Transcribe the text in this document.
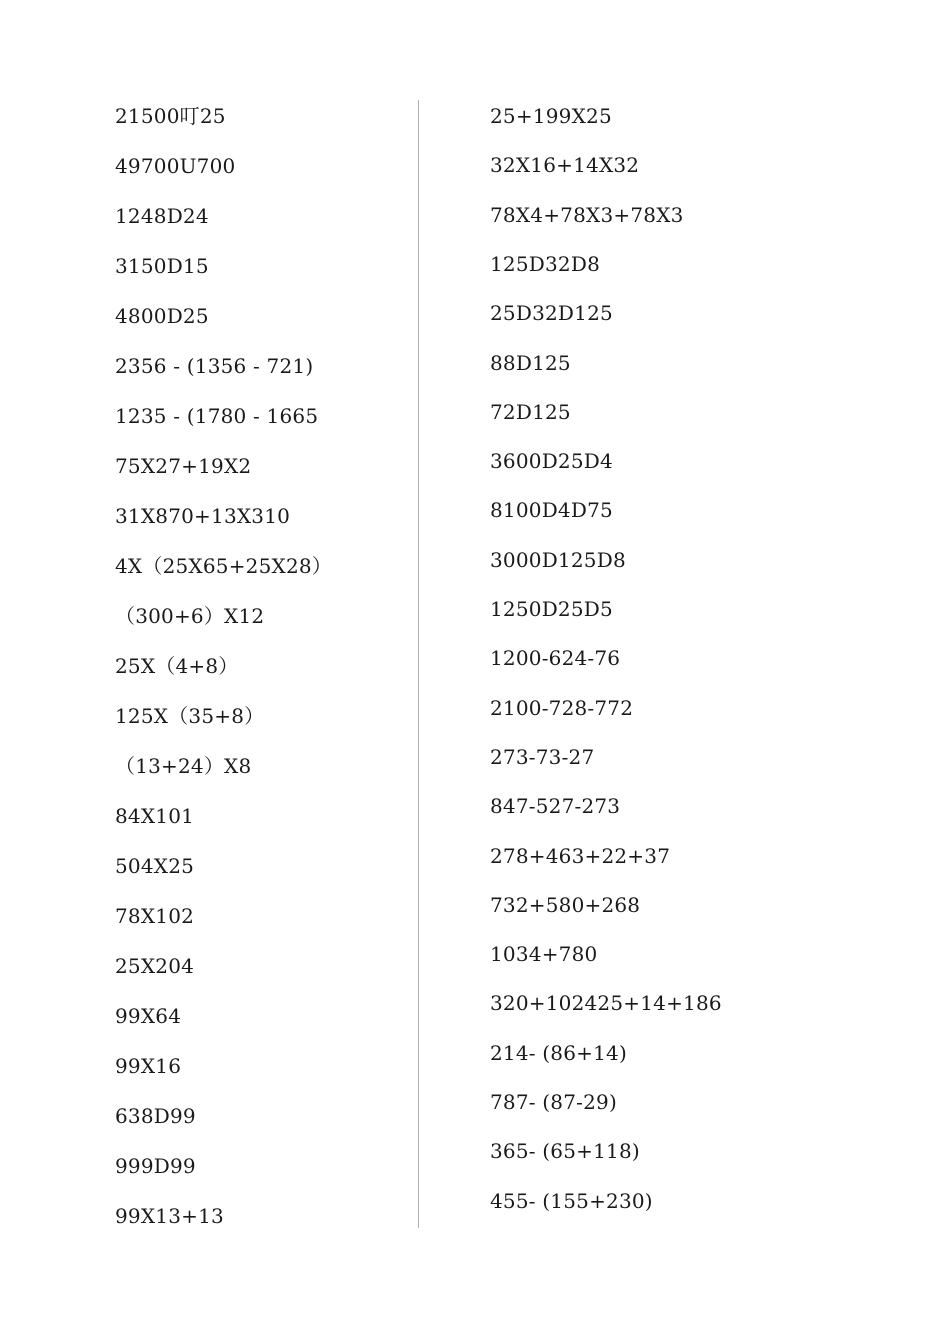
21500叮25
49700U700
1248D24
3150D15
4800D25
2356 - (1356 - 721)
1235 - (1780 - 1665
75X27+19X2
31X870+13X310
4X（25X65+25X28）
（300+6）X12
25X（4+8）
125X（35+8）
（13+24）X8
84X101
504X25
78X102
25X204
99X64
99X16
638D99
999D99
99X13+13
25+199X25
32X16+14X32
78X4+78X3+78X3
125D32D8
25D32D125
88D125
72D125
3600D25D4
8100D4D75
3000D125D8
1250D25D5
1200-624-76
2100-728-772
273-73-27
847-527-273
278+463+22+37
732+580+268
1034+780
320+102425+14+186
214- (86+14)
787- (87-29)
365- (65+118)
455- (155+230)
